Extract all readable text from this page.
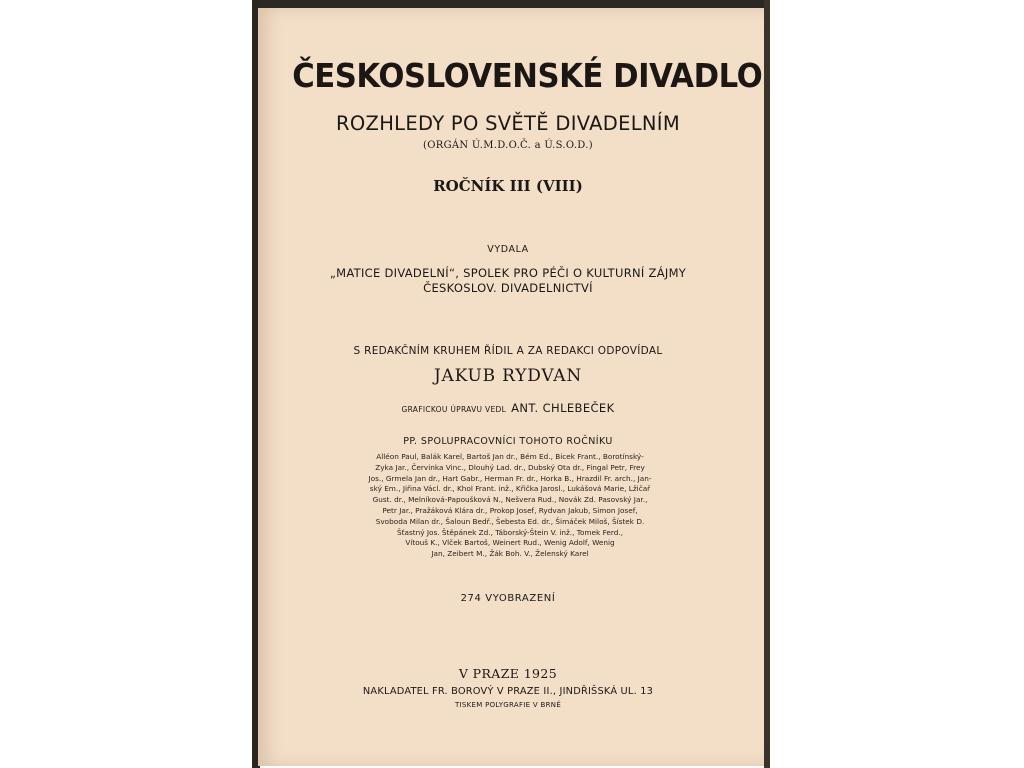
ČESKOSLOVENSKÉ DIVADLO
ROZHLEDY PO SVĚTĚ DIVADELNÍM
(ORGÁN Ú.M.D.O.Č. a Ú.S.O.D.)
ROČNÍK III (VIII)
VYDALA
„MATICE DIVADELNÍ“, SPOLEK PRO PÉČI O KULTURNÍ ZÁJMY
ČESKOSLOV. DIVADELNICTVÍ
S REDAKČNÍM KRUHEM ŘÍDIL A ZA REDAKCI ODPOVÍDAL
JAKUB RYDVAN
GRAFICKOU ÚPRAVU VEDL ANT. CHLEBEČEK
PP. SPOLUPRACOVNÍCI TOHOTO ROČNÍKU
Alléon Paul, Balák Karel, Bartoš Jan dr., Bém Ed., Bicek Frant., Borotínský-
Zyka Jar., Červinka Vinc., Dlouhý Lad. dr., Dubský Ota dr., Fingal Petr, Frey
Jos., Grmela Jan dr., Hart Gabr., Herman Fr. dr., Horka B., Hrazdil Fr. arch., Jan-
ský Em., Jiřina Václ. dr., Khol Frant. inž., Křička Jarosl., Lukášová Marie, Lžičař
Gust. dr., Melníková-Papoušková N., Nešvera Rud., Novák Zd. Pasovský Jar.,
Petr Jar., Pražáková Klára dr., Prokop Josef, Rydvan Jakub, Simon Josef,
Svoboda Milan dr., Šaloun Bedř., Šebesta Ed. dr., Šimáček Miloš, Šístek D.
Šťastný Jos. Štěpánek Zd., Táborský-Štein V. inž., Tomek Ferd.,
Vítouš K., Vlček Bartoš, Weinert Rud., Wenig Adolf, Wenig
Jan, Zeibert M., Žák Boh. V., Želenský Karel
274 VYOBRAZENÍ
V PRAZE 1925
NAKLADATEL FR. BOROVÝ V PRAZE II., JINDŘIŠSKÁ UL. 13
TISKEM POLYGRAFIE V BRNĚ
